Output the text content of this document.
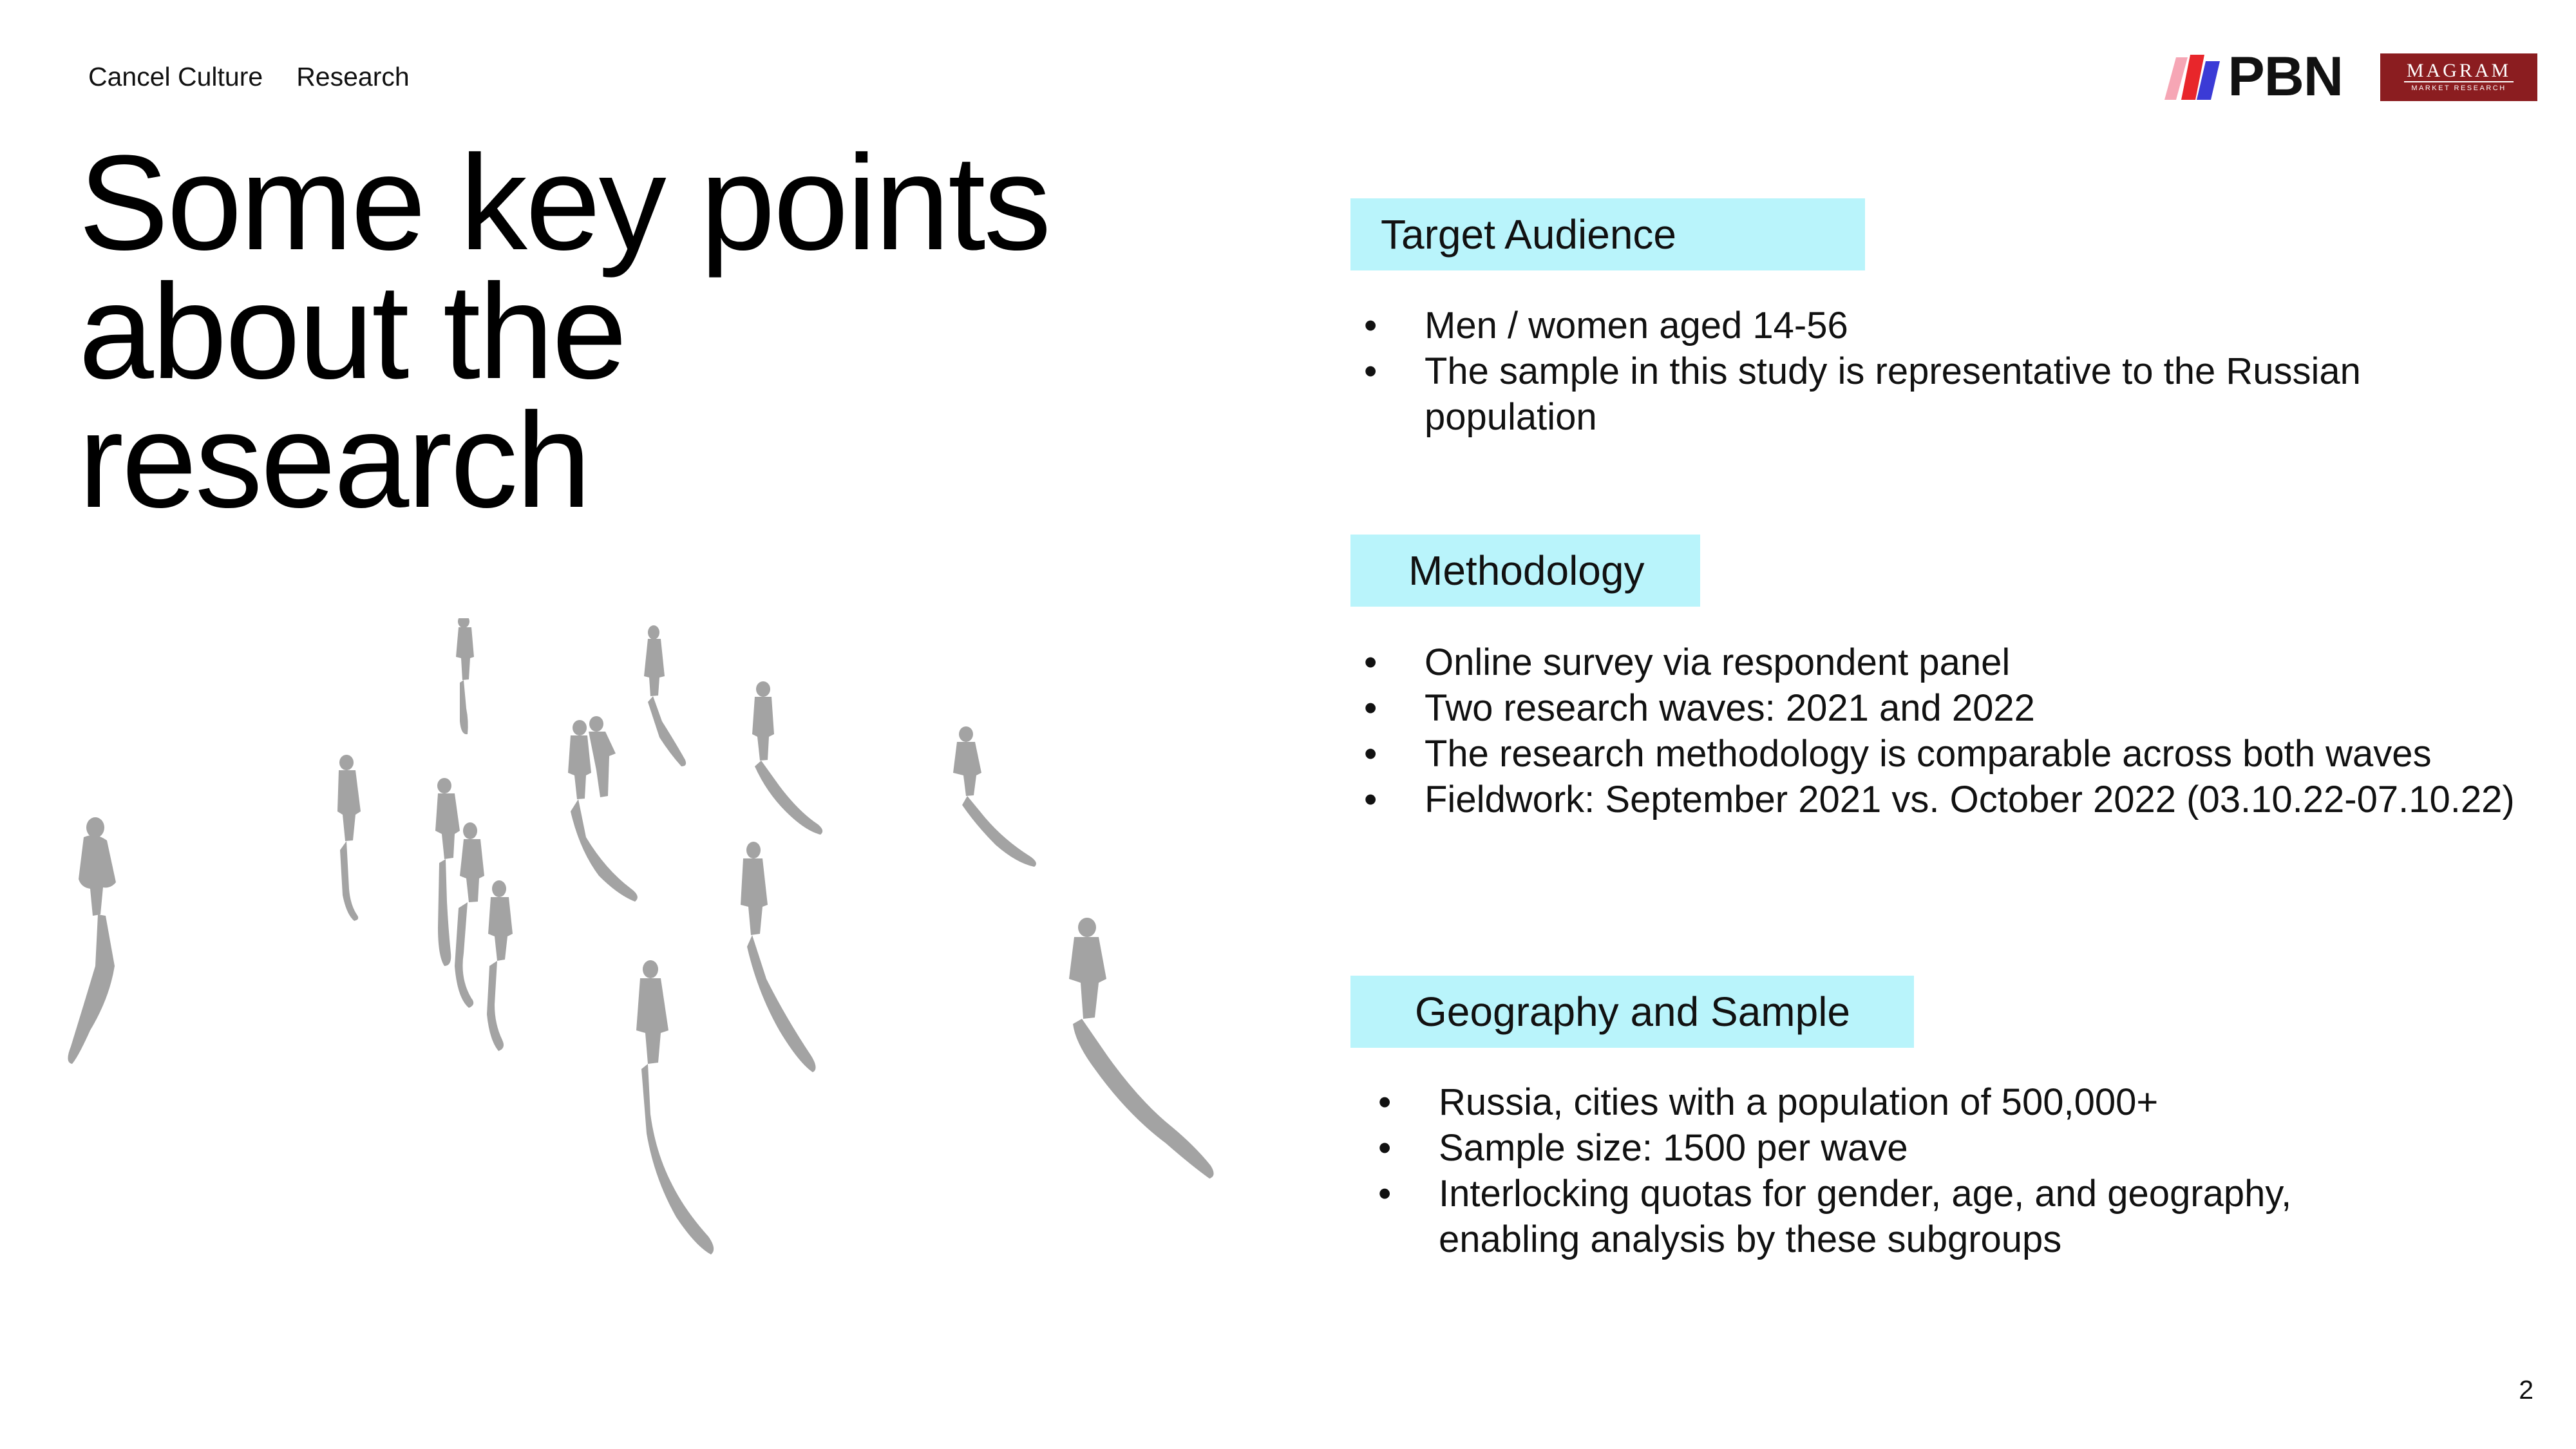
Cancel Culture Research	PBN	MAGRAM
MARKET RESEARCH
Some key points
about the
research
Target Audience
• Men / women aged 14-56
• The sample in this study is representative to the Russian population
Methodology
• Online survey via respondent panel
• Two research waves: 2021 and 2022
• The research methodology is comparable across both waves
• Fieldwork: September 2021 vs. October 2022 (03.10.22-07.10.22)
Geography and Sample
• Russia, cities with a population of 500,000+
• Sample size: 1500 per wave
• Interlocking quotas for gender, age, and geography, enabling analysis by these subgroups
2
